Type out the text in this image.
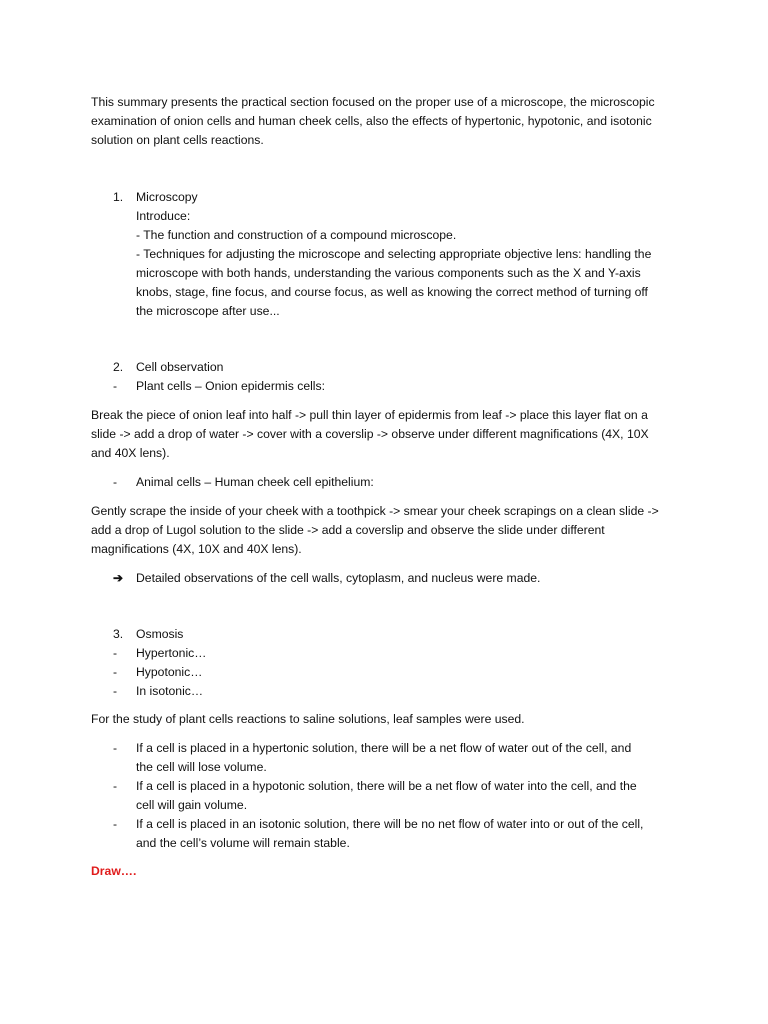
This summary presents the practical section focused on the proper use of a microscope, the microscopic
examination of onion cells and human cheek cells, also the effects of hypertonic, hypotonic, and isotonic
solution on plant cells reactions.
1. Microscopy
Introduce:
- The function and construction of a compound microscope.
- Techniques for adjusting the microscope and selecting appropriate objective lens: handling the
microscope with both hands, understanding the various components such as the X and Y-axis
knobs, stage, fine focus, and course focus, as well as knowing the correct method of turning off
the microscope after use...
2. Cell observation
- Plant cells – Onion epidermis cells:
Break the piece of onion leaf into half -> pull thin layer of epidermis from leaf -> place this layer flat on a
slide -> add a drop of water -> cover with a coverslip -> observe under different magnifications (4X, 10X
and 40X lens).
- Animal cells – Human cheek cell epithelium:
Gently scrape the inside of your cheek with a toothpick -> smear your cheek scrapings on a clean slide ->
add a drop of Lugol solution to the slide -> add a coverslip and observe the slide under different
magnifications (4X, 10X and 40X lens).
➔ Detailed observations of the cell walls, cytoplasm, and nucleus were made.
3. Osmosis
- Hypertonic…
- Hypotonic…
- In isotonic…
For the study of plant cells reactions to saline solutions, leaf samples were used.
- If a cell is placed in a hypertonic solution, there will be a net flow of water out of the cell, and
the cell will lose volume.
- If a cell is placed in a hypotonic solution, there will be a net flow of water into the cell, and the
cell will gain volume.
- If a cell is placed in an isotonic solution, there will be no net flow of water into or out of the cell,
and the cell’s volume will remain stable.
Draw….
